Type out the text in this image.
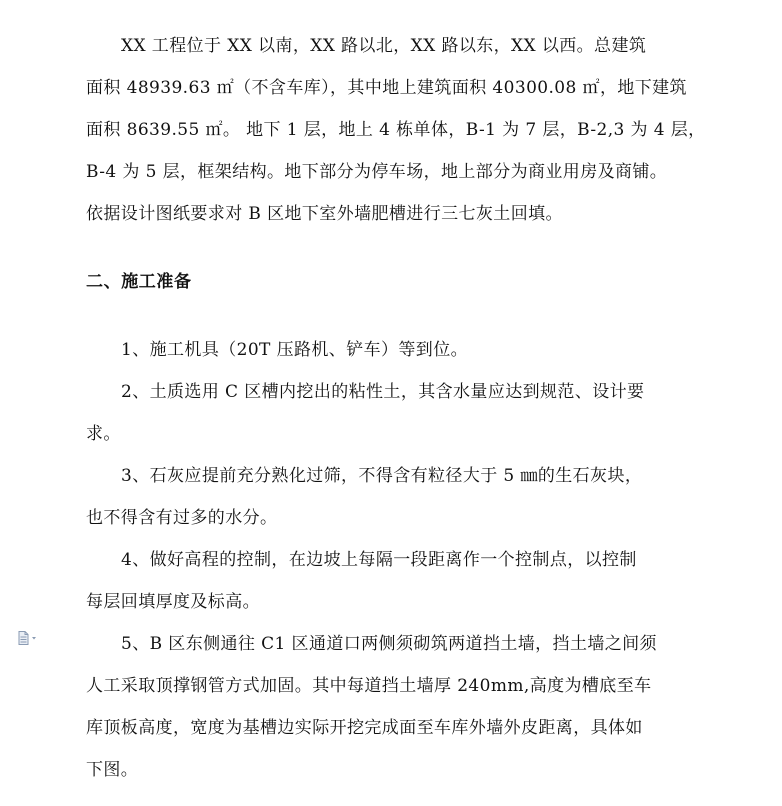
XX 工程位于 XX 以南，XX 路以北，XX 路以东，XX 以西。总建筑
面积 48939.63 ㎡（不含车库），其中地上建筑面积 40300.08 ㎡，地下建筑
面积 8639.55 ㎡。 地下 1 层，地上 4 栋单体，B-1 为 7 层，B-2,3 为 4 层，
B-4 为 5 层，框架结构。地下部分为停车场，地上部分为商业用房及商铺。
依据设计图纸要求对 B 区地下室外墙肥槽进行三七灰土回填。
二、施工准备
1、施工机具（20T 压路机、铲车）等到位。
2、土质选用 C 区槽内挖出的粘性土，其含水量应达到规范、设计要
求。
3、石灰应提前充分熟化过筛，不得含有粒径大于 5 ㎜的生石灰块，
也不得含有过多的水分。
4、做好高程的控制，在边坡上每隔一段距离作一个控制点，以控制
每层回填厚度及标高。
5、B 区东侧通往 C1 区通道口两侧须砌筑两道挡土墙，挡土墙之间须
人工采取顶撑钢管方式加固。其中每道挡土墙厚 240mm,高度为槽底至车
库顶板高度，宽度为基槽边实际开挖完成面至车库外墙外皮距离，具体如
下图。
